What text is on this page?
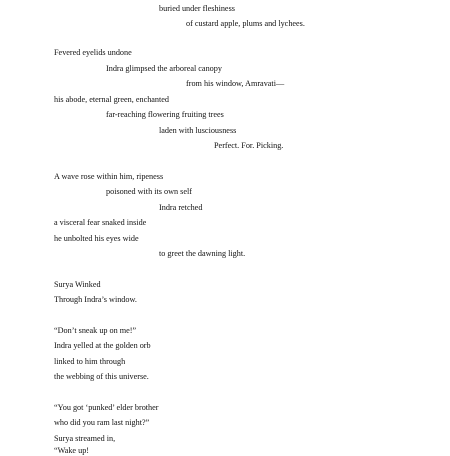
buried under fleshiness
of custard apple, plums and lychees.
Fevered eyelids undone
Indra glimpsed the arboreal canopy
from his window, Amravati—
his abode, eternal green, enchanted
far-reaching flowering fruiting trees
laden with lusciousness
Perfect. For. Picking.
A wave rose within him, ripeness
poisoned with its own self
Indra retched
a visceral fear snaked inside
he unbolted his eyes wide
to greet the dawning light.
Surya Winked
Through Indra’s window.
“Don’t sneak up on me!”
Indra yelled at the golden orb
linked to him through
the webbing of this universe.
“You got ‘punked’ elder brother
who did you ram last night?”
Surya streamed in,
“Wake up!
